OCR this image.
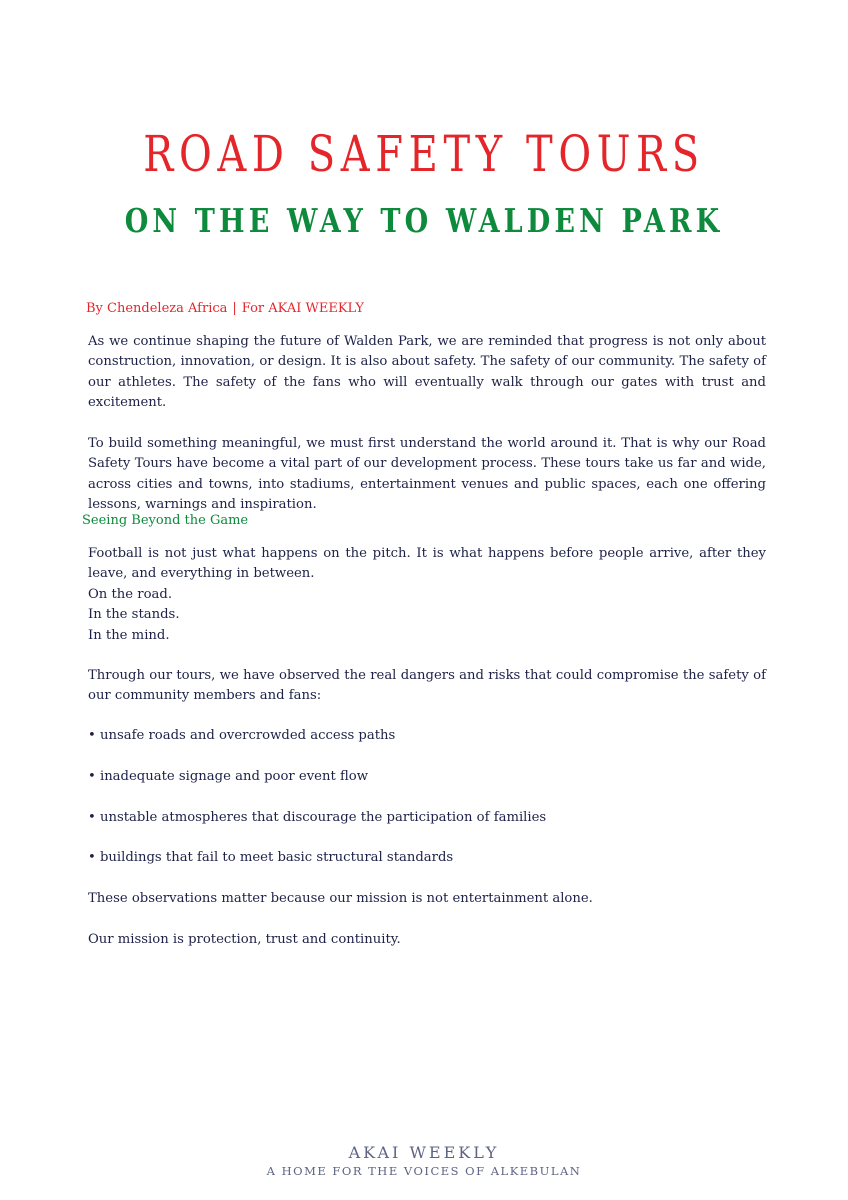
ROAD SAFETY TOURS
ON THE WAY TO WALDEN PARK
By Chendeleza Africa | For AKAI WEEKLY

As we continue shaping the future of Walden Park, we are reminded that progress is not only about construction, innovation, or design. It is also about safety. The safety of our community. The safety of our athletes. The safety of the fans who will eventually walk through our gates with trust and excitement.

To build something meaningful, we must first understand the world around it. That is why our Road Safety Tours have become a vital part of our development process. These tours take us far and wide, across cities and towns, into stadiums, entertainment venues and public spaces, each one offering lessons, warnings and inspiration.

Seeing Beyond the Game

Football is not just what happens on the pitch. It is what happens before people arrive, after they leave, and everything in between.

On the road.

In the stands.

In the mind.

Through our tours, we have observed the real dangers and risks that could compromise the safety of our community members and fans:

• unsafe roads and overcrowded access paths
• inadequate signage and poor event flow
• unstable atmospheres that discourage the participation of families
• buildings that fail to meet basic structural standards
These observations matter because our mission is not entertainment alone.
Our mission is protection, trust and continuity.
AKAI WEEKLY
A HOME FOR THE VOICES OF ALKEBULAN
